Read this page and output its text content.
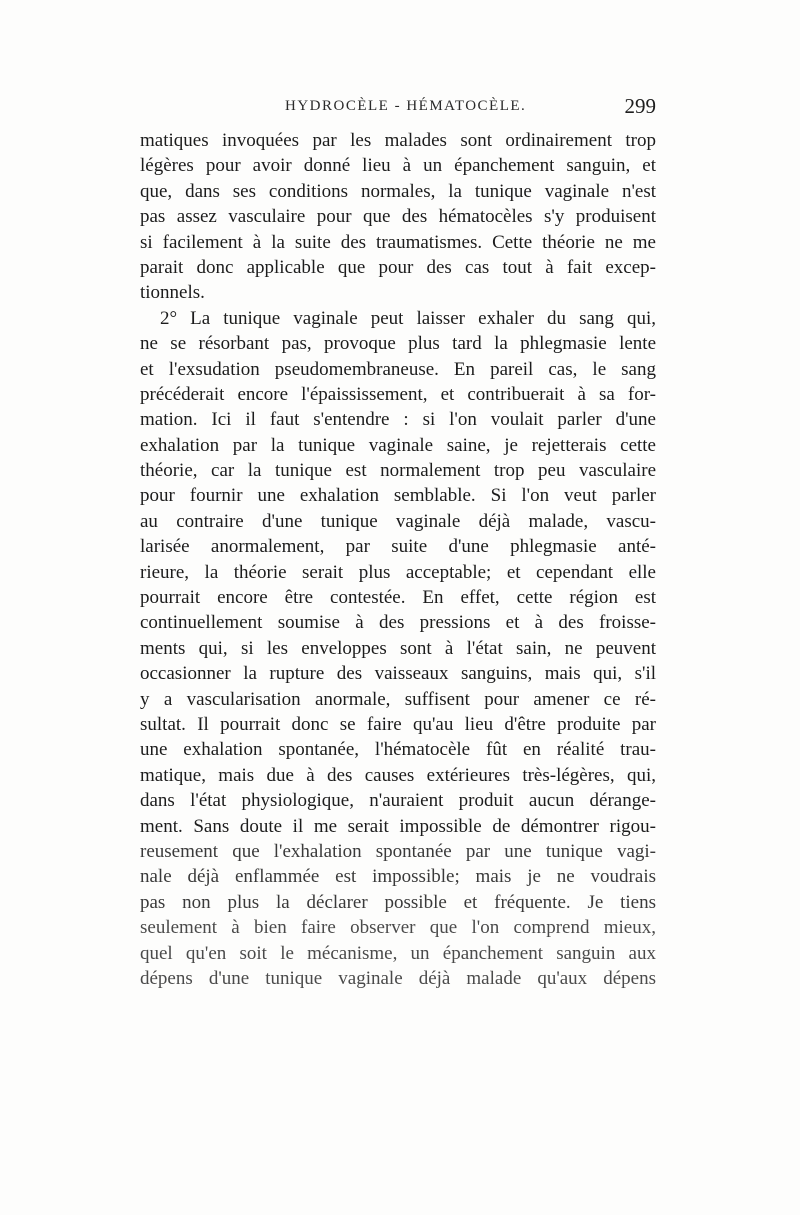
HYDROCÈLE - HÉMATOCÈLE.	299
matiques invoquées par les malades sont ordinairement trop
légères pour avoir donné lieu à un épanchement sanguin, et
que, dans ses conditions normales, la tunique vaginale n'est
pas assez vasculaire pour que des hématocèles s'y produisent
si facilement à la suite des traumatismes. Cette théorie ne me
parait donc applicable que pour des cas tout à fait excep-
tionnels.
2° La tunique vaginale peut laisser exhaler du sang qui,
ne se résorbant pas, provoque plus tard la phlegmasie lente
et l'exsudation pseudomembraneuse. En pareil cas, le sang
précéderait encore l'épaississement, et contribuerait à sa for-
mation. Ici il faut s'entendre : si l'on voulait parler d'une
exhalation par la tunique vaginale saine, je rejetterais cette
théorie, car la tunique est normalement trop peu vasculaire
pour fournir une exhalation semblable. Si l'on veut parler
au contraire d'une tunique vaginale déjà malade, vascu-
larisée anormalement, par suite d'une phlegmasie anté-
rieure, la théorie serait plus acceptable; et cependant elle
pourrait encore être contestée. En effet, cette région est
continuellement soumise à des pressions et à des froisse-
ments qui, si les enveloppes sont à l'état sain, ne peuvent
occasionner la rupture des vaisseaux sanguins, mais qui, s'il
y a vascularisation anormale, suffisent pour amener ce ré-
sultat. Il pourrait donc se faire qu'au lieu d'être produite par
une exhalation spontanée, l'hématocèle fût en réalité trau-
matique, mais due à des causes extérieures très-légères, qui,
dans l'état physiologique, n'auraient produit aucun dérange-
ment. Sans doute il me serait impossible de démontrer rigou-
reusement que l'exhalation spontanée par une tunique vagi-
nale déjà enflammée est impossible; mais je ne voudrais
pas non plus la déclarer possible et fréquente. Je tiens
seulement à bien faire observer que l'on comprend mieux,
quel qu'en soit le mécanisme, un épanchement sanguin aux
dépens d'une tunique vaginale déjà malade qu'aux dépens
